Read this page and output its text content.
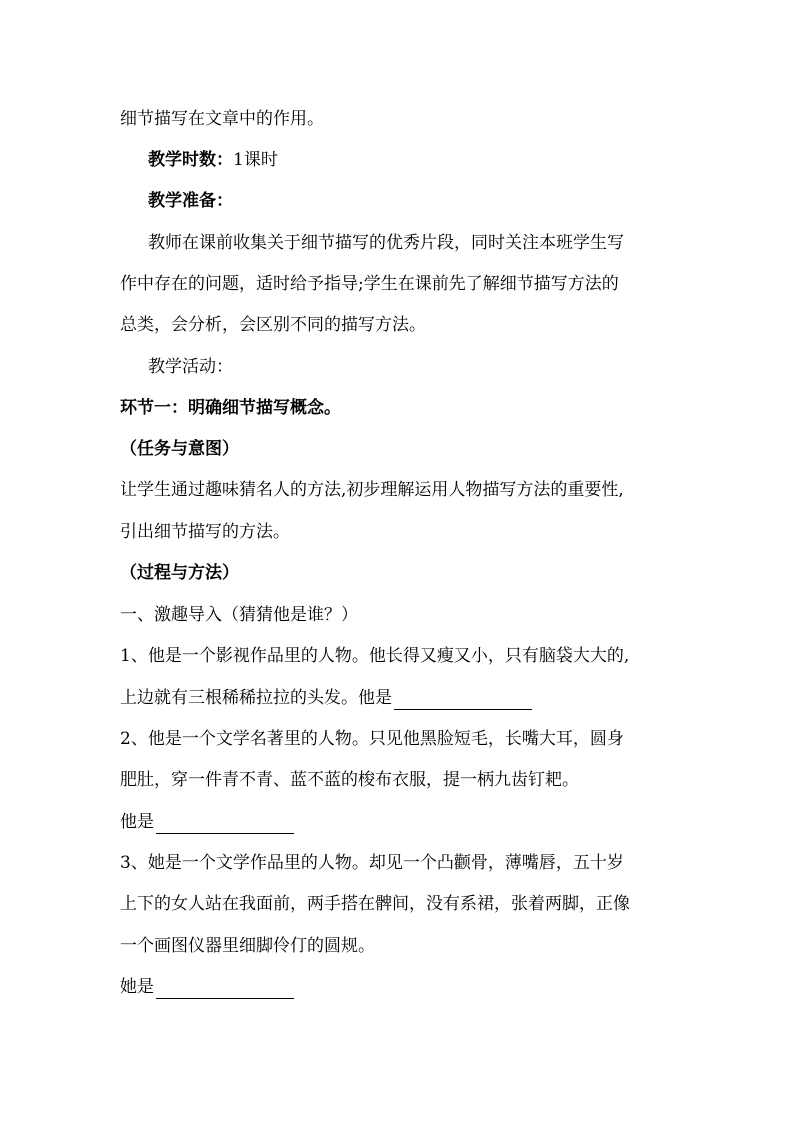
细节描写在文章中的作用。
教学时数：1课时
教学准备：
教师在课前收集关于细节描写的优秀片段，同时关注本班学生写
作中存在的问题，适时给予指导;学生在课前先了解细节描写方法的
总类，会分析，会区别不同的描写方法。
教学活动：
环节一：明确细节描写概念。
（任务与意图）
让学生通过趣味猜名人的方法,初步理解运用人物描写方法的重要性,
引出细节描写的方法。
（过程与方法）
一、激趣导入（猜猜他是谁？）
1、他是一个影视作品里的人物。他长得又瘦又小，只有脑袋大大的,
上边就有三根稀稀拉拉的头发。他是
2、他是一个文学名著里的人物。只见他黑脸短毛，长嘴大耳，圆身
肥肚，穿一件青不青、蓝不蓝的梭布衣服，提一柄九齿钉耙。
他是
3、她是一个文学作品里的人物。却见一个凸颧骨，薄嘴唇，五十岁
上下的女人站在我面前，两手搭在髀间，没有系裙，张着两脚，正像
一个画图仪器里细脚伶仃的圆规。
她是
